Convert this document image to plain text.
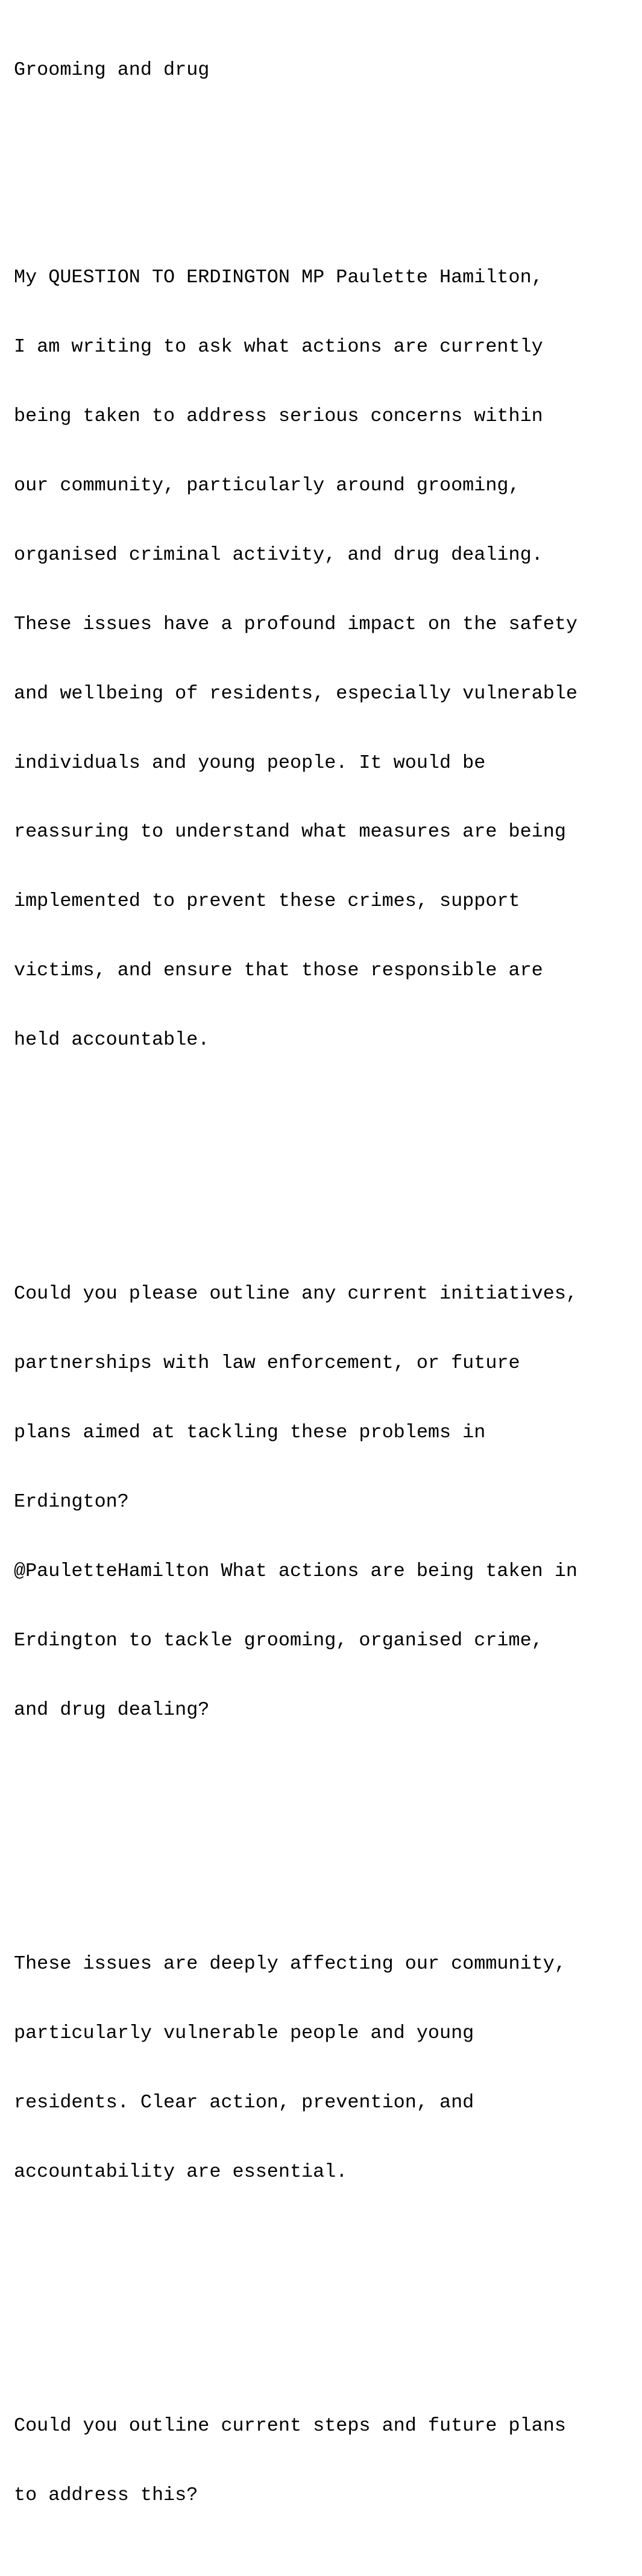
Grooming and drug

My QUESTION TO ERDINGTON MP Paulette Hamilton,

I am writing to ask what actions are currently

being taken to address serious concerns within

our community, particularly around grooming,

organised criminal activity, and drug dealing.

These issues have a profound impact on the safety

and wellbeing of residents, especially vulnerable

individuals and young people. It would be

reassuring to understand what measures are being

implemented to prevent these crimes, support

victims, and ensure that those responsible are

held accountable.

Could you please outline any current initiatives,

partnerships with law enforcement, or future

plans aimed at tackling these problems in

Erdington?

@PauletteHamilton What actions are being taken in

Erdington to tackle grooming, organised crime,

and drug dealing?

These issues are deeply affecting our community,

particularly vulnerable people and young

residents. Clear action, prevention, and

accountability are essential.

Could you outline current steps and future plans

to address this?
